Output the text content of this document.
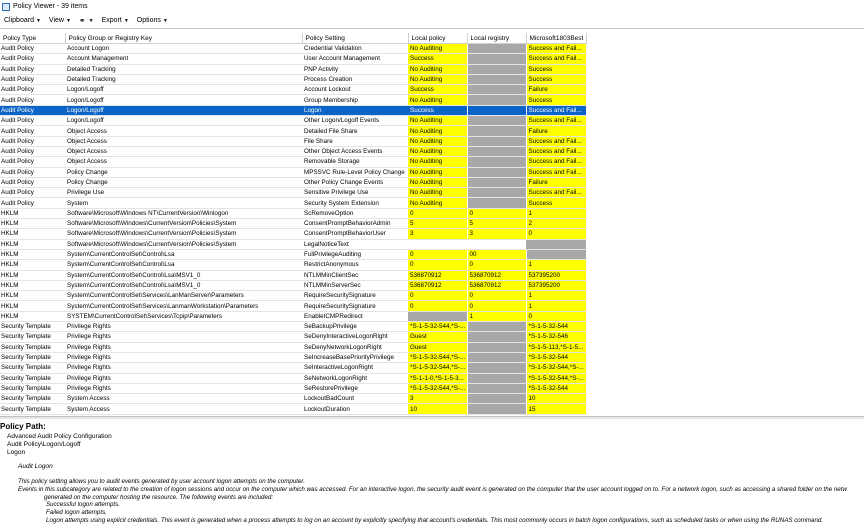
Policy Viewer - 39 items
Clipboard ▼ View ▼ ⚭ ▼ Export ▼ Options ▼
Policy Type	Policy Group or Registry Key	Policy Setting	Local policy	Local registry	Microsoft1803Best
Audit Policy	Account Logon	Credential Validation	No Auditing		Success and Fail...
Audit Policy	Account Management	User Account Management	Success		Success and Fail...
Audit Policy	Detailed Tracking	PNP Activity	No Auditing		Success
Audit Policy	Detailed Tracking	Process Creation	No Auditing		Success
Audit Policy	Logon/Logoff	Account Lockout	Success		Failure
Audit Policy	Logon/Logoff	Group Membership	No Auditing		Success
Audit Policy	Logon/Logoff	Logon	Success		Success and Fail...
Audit Policy	Logon/Logoff	Other Logon/Logoff Events	No Auditing		Success and Fail...
Audit Policy	Object Access	Detailed File Share	No Auditing		Failure
Audit Policy	Object Access	File Share	No Auditing		Success and Fail...
Audit Policy	Object Access	Other Object Access Events	No Auditing		Success and Fail...
Audit Policy	Object Access	Removable Storage	No Auditing		Success and Fail...
Audit Policy	Policy Change	MPSSVC Rule-Level Policy Change	No Auditing		Success and Fail...
Audit Policy	Policy Change	Other Policy Change Events	No Auditing		Failure
Audit Policy	Privilege Use	Sensitive Privilege Use	No Auditing		Success and Fail...
Audit Policy	System	Security System Extension	No Auditing		Success
HKLM	Software\Microsoft\Windows NT\CurrentVersion\Winlogon	ScRemoveOption	0	0	1
HKLM	Software\Microsoft\Windows\CurrentVersion\Policies\System	ConsentPromptBehaviorAdmin	5	5	2
HKLM	Software\Microsoft\Windows\CurrentVersion\Policies\System	ConsentPromptBehaviorUser	3	3	0
HKLM	Software\Microsoft\Windows\CurrentVersion\Policies\System	LegalNoticeText			
HKLM	System\CurrentControlSet\Control\Lsa	FullPrivilegeAuditing	0	00	
HKLM	System\CurrentControlSet\Control\Lsa	RestrictAnonymous	0	0	1
HKLM	System\CurrentControlSet\Control\Lsa\MSV1_0	NTLMMinClientSec	536870912	536870912	537395200
HKLM	System\CurrentControlSet\Control\Lsa\MSV1_0	NTLMMinServerSec	536870912	536870912	537395200
HKLM	System\CurrentControlSet\Services\LanManServer\Parameters	RequireSecuritySignature	0	0	1
HKLM	System\CurrentControlSet\Services\LanmanWorkstation\Parameters	RequireSecuritySignature	0	0	1
HKLM	SYSTEM\CurrentControlSet\Services\Tcpip\Parameters	EnableICMPRedirect		1	0
Security Template	Privilege Rights	SeBackupPrivilege	*S-1-5-32-544,*S-...		*S-1-5-32-544
Security Template	Privilege Rights	SeDenyInteractiveLogonRight	Guest		*S-1-5-32-546
Security Template	Privilege Rights	SeDenyNetworkLogonRight	Guest		*S-1-5-113,*S-1-5...
Security Template	Privilege Rights	SeIncreaseBasePriorityPrivilege	*S-1-5-32-544,*S-...		*S-1-5-32-544
Security Template	Privilege Rights	SeInteractiveLogonRight	*S-1-5-32-544,*S-...		*S-1-5-32-544,*S-...
Security Template	Privilege Rights	SeNetworkLogonRight	*S-1-1-0,*S-1-5-3...		*S-1-5-32-544,*S-...
Security Template	Privilege Rights	SeRestorePrivilege	*S-1-5-32-544,*S-...		*S-1-5-32-544
Security Template	System Access	LockoutBadCount	3		10
Security Template	System Access	LockoutDuration	10		15

Policy Path:
Advanced Audit Policy Configuration
Audit Policy\Logon/Logoff
Logon
Audit Logon
This policy setting allows you to audit events generated by user account logon attempts on the computer.
Events in this subcategory are related to the creation of logon sessions and occur on the computer which was accessed. For an interactive logon, the security audit event is generated on the computer that the user account logged on to. For a network logon, such as accessing a shared folder on the netw
generated on the computer hosting the resource. The following events are included:
Successful logon attempts.
Failed logon attempts.
Logon attempts using explicit credentials. This event is generated when a process attempts to log on an account by explicitly specifying that account's credentials. This most commonly occurs in batch logon configurations, such as scheduled tasks or when using the RUNAS command.
